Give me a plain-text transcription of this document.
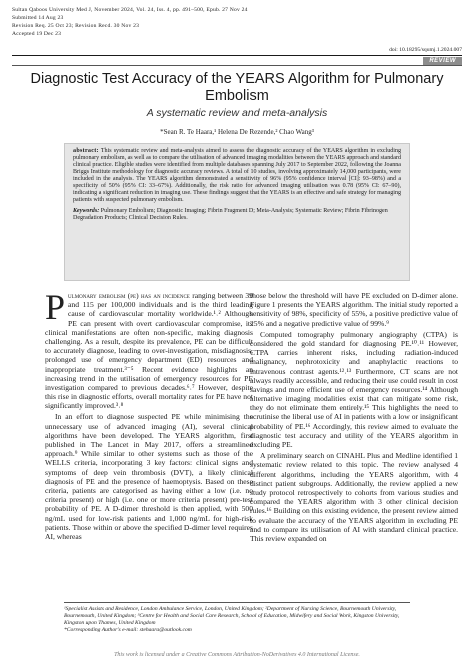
Sultan Qaboos University Med J, November 2024, Vol. 24, Iss. 4, pp. 491–500, Epub. 27 Nov 24
Submitted 14 Aug 23
Revision Req. 25 Oct 23; Revision Recd. 30 Nov 23
Accepted 19 Dec 23
doi: 10.18295/squmj.1.2024.007
REVIEW
Diagnostic Test Accuracy of the YEARS Algorithm for Pulmonary Embolism
A systematic review and meta-analysis
*Sean R. Te Haara,¹ Helena De Rezende,² Chao Wang³

abstract: This systematic review and meta-analysis aimed to assess the diagnostic accuracy of the YEARS algorithm in excluding pulmonary embolism, as well as to compare the utilisation of advanced imaging modalities between the YEARS approach and standard clinical practice. Eligible studies were identified from multiple databases spanning July 2017 to September 2022, following the Joanna Briggs Institute methodology for diagnostic accuracy reviews. A total of 10 studies, involving approximately 14,000 participants, were included in the analysis. The YEARS algorithm demonstrated a sensitivity of 96% (95% confidence interval [CI]: 93–98%) and a specificity of 50% (95% CI: 33–67%). Additionally, the risk ratio for advanced imaging utilisation was 0.78 (95% CI: 67–90), indicating a significant reduction in imaging use. These findings suggest that the YEARS is an effective and safe strategy for managing patients with suspected pulmonary embolism.

Keywords: Pulmonary Embolism; Diagnostic Imaging; Fibrin Fragment D; Meta-Analysis; Systematic Review; Fibrin Fibrinogen Degradation Products; Clinical Decision Rules.

Pulmonary embolism (pe) has an incidence ranging between 39 and 115 per 100,000 individuals and is the third leading cause of cardiovascular mortality worldwide.¹˒² Although PE can present with overt cardiovascular compromise, its clinical manifestations are often non-specific, making diagnosis challenging. As a result, despite its prevalence, PE can be difficult to accurately diagnose, leading to over-investigation, misdiagnosis, prolonged use of emergency department (ED) resources and inappropriate treatment.³⁻⁵ Recent evidence highlights an increasing trend in the utilisation of emergency resources for PE investigation compared to previous decades.⁶˒⁷ However, despite this rise in diagnostic efforts, overall mortality rates for PE have not significantly improved.³˒⁸

In an effort to diagnose suspected PE while minimising the unnecessary use of advanced imaging (AI), several clinical algorithms have been developed. The YEARS algorithm, first published in The Lancet in May 2017, offers a streamlined approach.⁹ While similar to other systems such as those of the WELLS criteria, incorporating 3 key factors: clinical signs and symptoms of deep vein thrombosis (DVT), a likely clinical diagnosis of PE and the presence of haemoptysis. Based on these criteria, patients are categorised as having either a low (i.e. no criteria present) or high (i.e. one or more criteria present) pre-test probability of PE. A D-dimer threshold is then applied, with 500 ng/mL used for low-risk patients and 1,000 ng/mL for high-risk patients. Those within or above the specified D-dimer level requires AI, whereas

those below the threshold will have PE excluded on D-dimer alone. Figure 1 presents the YEARS algorithm. The initial study reported a sensitivity of 98%, specificity of 55%, a positive predictive value of 25% and a negative predictive value of 99%.⁹

Computed tomography pulmonary angiography (CTPA) is considered the gold standard for diagnosing PE.¹⁰˒¹¹ However, CTPA carries inherent risks, including radiation-induced malignancy, nephrotoxicity and anaphylactic reactions to intravenous contrast agents.¹²˒¹³ Furthermore, CT scans are not always readily accessible, and reducing their use could result in cost savings and more efficient use of emergency resources.¹⁴ Although alternative imaging modalities exist that can mitigate some risk, they do not eliminate them entirely.¹⁵ This highlights the need to scrutinise the liberal use of AI in patients with a low or insignificant probability of PE.¹⁶ Accordingly, this review aimed to evaluate the diagnostic test accuracy and utility of the YEARS algorithm in excluding PE.

A preliminary search on CINAHL Plus and Medline identified 1 systematic review related to this topic. The review analysed 4 different algorithms, including the YEARS algorithm, with 4 distinct patient subgroups. Additionally, the review applied a new study protocol retrospectively to cohorts from various studies and compared the YEARS algorithm with 3 other clinical decision rules.¹⁶ Building on this existing evidence, the present review aimed to evaluate the accuracy of the YEARS algorithm in excluding PE and to compare its utilisation of AI with standard clinical practice. This review expanded on

¹Specialist Assists and Residence, London Ambulance Service, London, United Kingdom; ²Department of Nursing Science, Bournemouth University, Bournemouth, United Kingdom; ³Centre for Health and Social Care Research, School of Education, Midwifery and Social Work, Kingston University, Kingston upon Thames, United Kingdom
*Corresponding Author's e-mail: stehaara@outlook.com
This work is licensed under a Creative Commons Attribution-NoDerivatives 4.0 International License.
